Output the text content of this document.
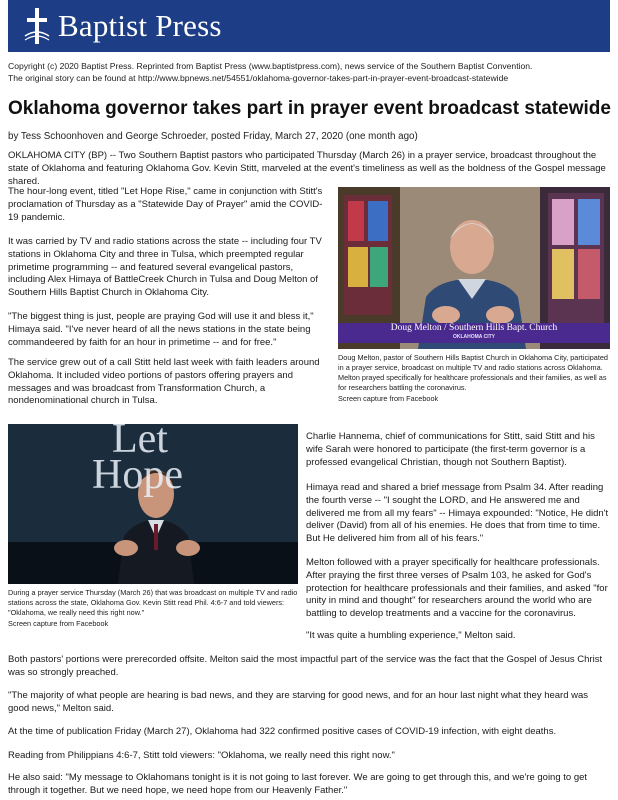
Baptist Press
Copyright (c) 2020 Baptist Press. Reprinted from Baptist Press (www.baptistpress.com), news service of the Southern Baptist Convention.
The original story can be found at http://www.bpnews.net/54551/oklahoma-governor-takes-part-in-prayer-event-broadcast-statewide
Oklahoma governor takes part in prayer event broadcast statewide
by Tess Schoonhoven and George Schroeder, posted Friday, March 27, 2020 (one month ago)
OKLAHOMA CITY (BP) -- Two Southern Baptist pastors who participated Thursday (March 26) in a prayer service, broadcast throughout the state of Oklahoma and featuring Oklahoma Gov. Kevin Stitt, marveled at the event's timeliness as well as the boldness of the Gospel message shared.
The hour-long event, titled "Let Hope Rise," came in conjunction with Stitt's proclamation of Thursday as a "Statewide Day of Prayer" amid the COVID-19 pandemic.
It was carried by TV and radio stations across the state -- including four TV stations in Oklahoma City and three in Tulsa, which preempted regular primetime programming -- and featured several evangelical pastors, including Alex Himaya of BattleCreek Church in Tulsa and Doug Melton of Southern Hills Baptist Church in Oklahoma City.
"The biggest thing is just, people are praying God will use it and bless it," Himaya said. "I've never heard of all the news stations in the state being commandeered by faith for an hour in primetime -- and for free."
The service grew out of a call Stitt held last week with faith leaders around Oklahoma. It included video portions of pastors offering prayers and messages and was broadcast from Transformation Church, a nondenominational church in Tulsa.
Doug Melton / Southern Hills Bapt. Church
OKLAHOMA CITY
Doug Melton, pastor of Southern Hills Baptist Church in Oklahoma City, participated in a prayer service, broadcast on multiple TV and radio stations across Oklahoma. Melton prayed specifically for healthcare professionals and their families, as well as for researchers battling the coronavirus.
Screen capture from Facebook
Let
Hope
During a prayer service Thursday (March 26) that was broadcast on multiple TV and radio stations across the state, Oklahoma Gov. Kevin Stitt read Phil. 4:6-7 and told viewers: "Oklahoma, we really need this right now."
Screen capture from Facebook
Charlie Hannema, chief of communications for Stitt, said Stitt and his wife Sarah were honored to participate (the first-term governor is a professed evangelical Christian, though not Southern Baptist).
Himaya read and shared a brief message from Psalm 34. After reading the fourth verse -- "I sought the LORD, and He answered me and delivered me from all my fears" -- Himaya expounded: "Notice, He didn't deliver (David) from all of his enemies. He does that from time to time. But He delivered him from all of his fears."
Melton followed with a prayer specifically for healthcare professionals. After praying the first three verses of Psalm 103, he asked for God's protection for healthcare professionals and their families, and asked "for unity in mind and thought" for researchers around the world who are battling to develop treatments and a vaccine for the coronavirus.
"It was quite a humbling experience," Melton said.
Both pastors' portions were prerecorded offsite. Melton said the most impactful part of the service was the fact that the Gospel of Jesus Christ was so strongly preached.
"The majority of what people are hearing is bad news, and they are starving for good news, and for an hour last night what they heard was good news," Melton said.
At the time of publication Friday (March 27), Oklahoma had 322 confirmed positive cases of COVID-19 infection, with eight deaths.
Reading from Philippians 4:6-7, Stitt told viewers: "Oklahoma, we really need this right now."
He also said: "My message to Oklahomans tonight is it is not going to last forever. We are going to get through this, and we're going to get through it together. But we need hope, we need hope from our Heavenly Father."
